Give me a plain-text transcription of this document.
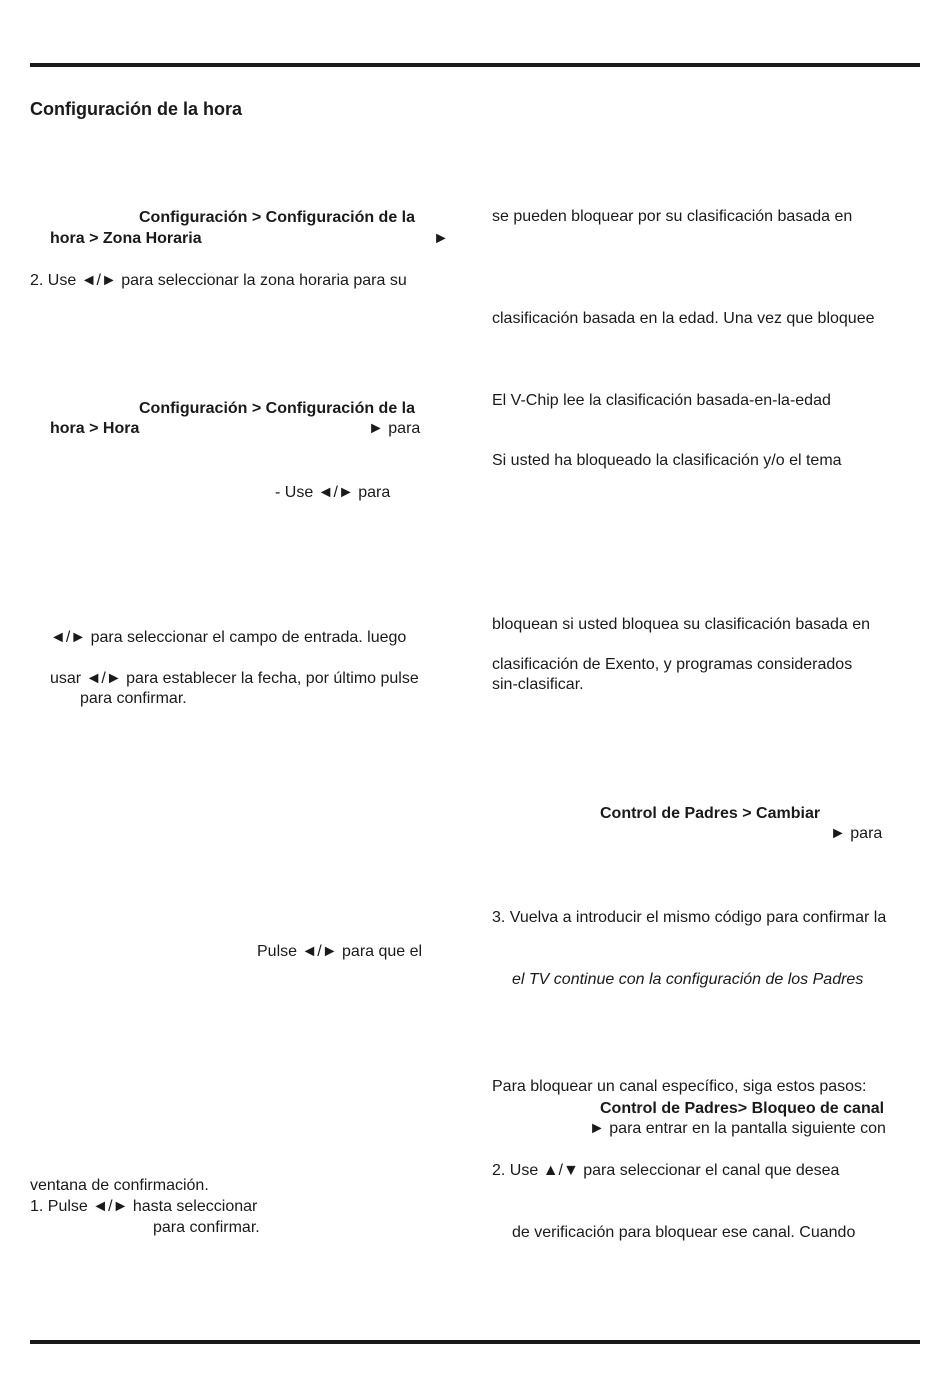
Configuración de la hora
Configuración > Configuración de la
hora > Zona Horaria	►
2. Use ◄/► para seleccionar la zona horaria para su
Configuración > Configuración de la
hora > Hora	► para
- Use ◄/► para
◄/► para seleccionar el campo de entrada. luego
usar ◄/► para establecer la fecha, por último pulse
para confirmar.
Pulse ◄/► para que el
ventana de confirmación.
1. Pulse ◄/► hasta seleccionar
para confirmar.
se pueden bloquear por su clasificación basada en
clasificación basada en la edad. Una vez que bloquee
El V-Chip lee la clasificación basada-en-la-edad
Si usted ha bloqueado la clasificación y/o el tema
bloquean si usted bloquea su clasificación basada en
clasificación de Exento, y programas considerados
sin-clasificar.
Control de Padres > Cambiar
► para
3. Vuelva a introducir el mismo código para confirmar la
el TV continue con la configuración de los Padres
Para bloquear un canal específico, siga estos pasos:
Control de Padres> Bloqueo de canal
► para entrar en la pantalla siguiente con
2. Use ▲/▼ para seleccionar el canal que desea
de verificación para bloquear ese canal. Cuando
